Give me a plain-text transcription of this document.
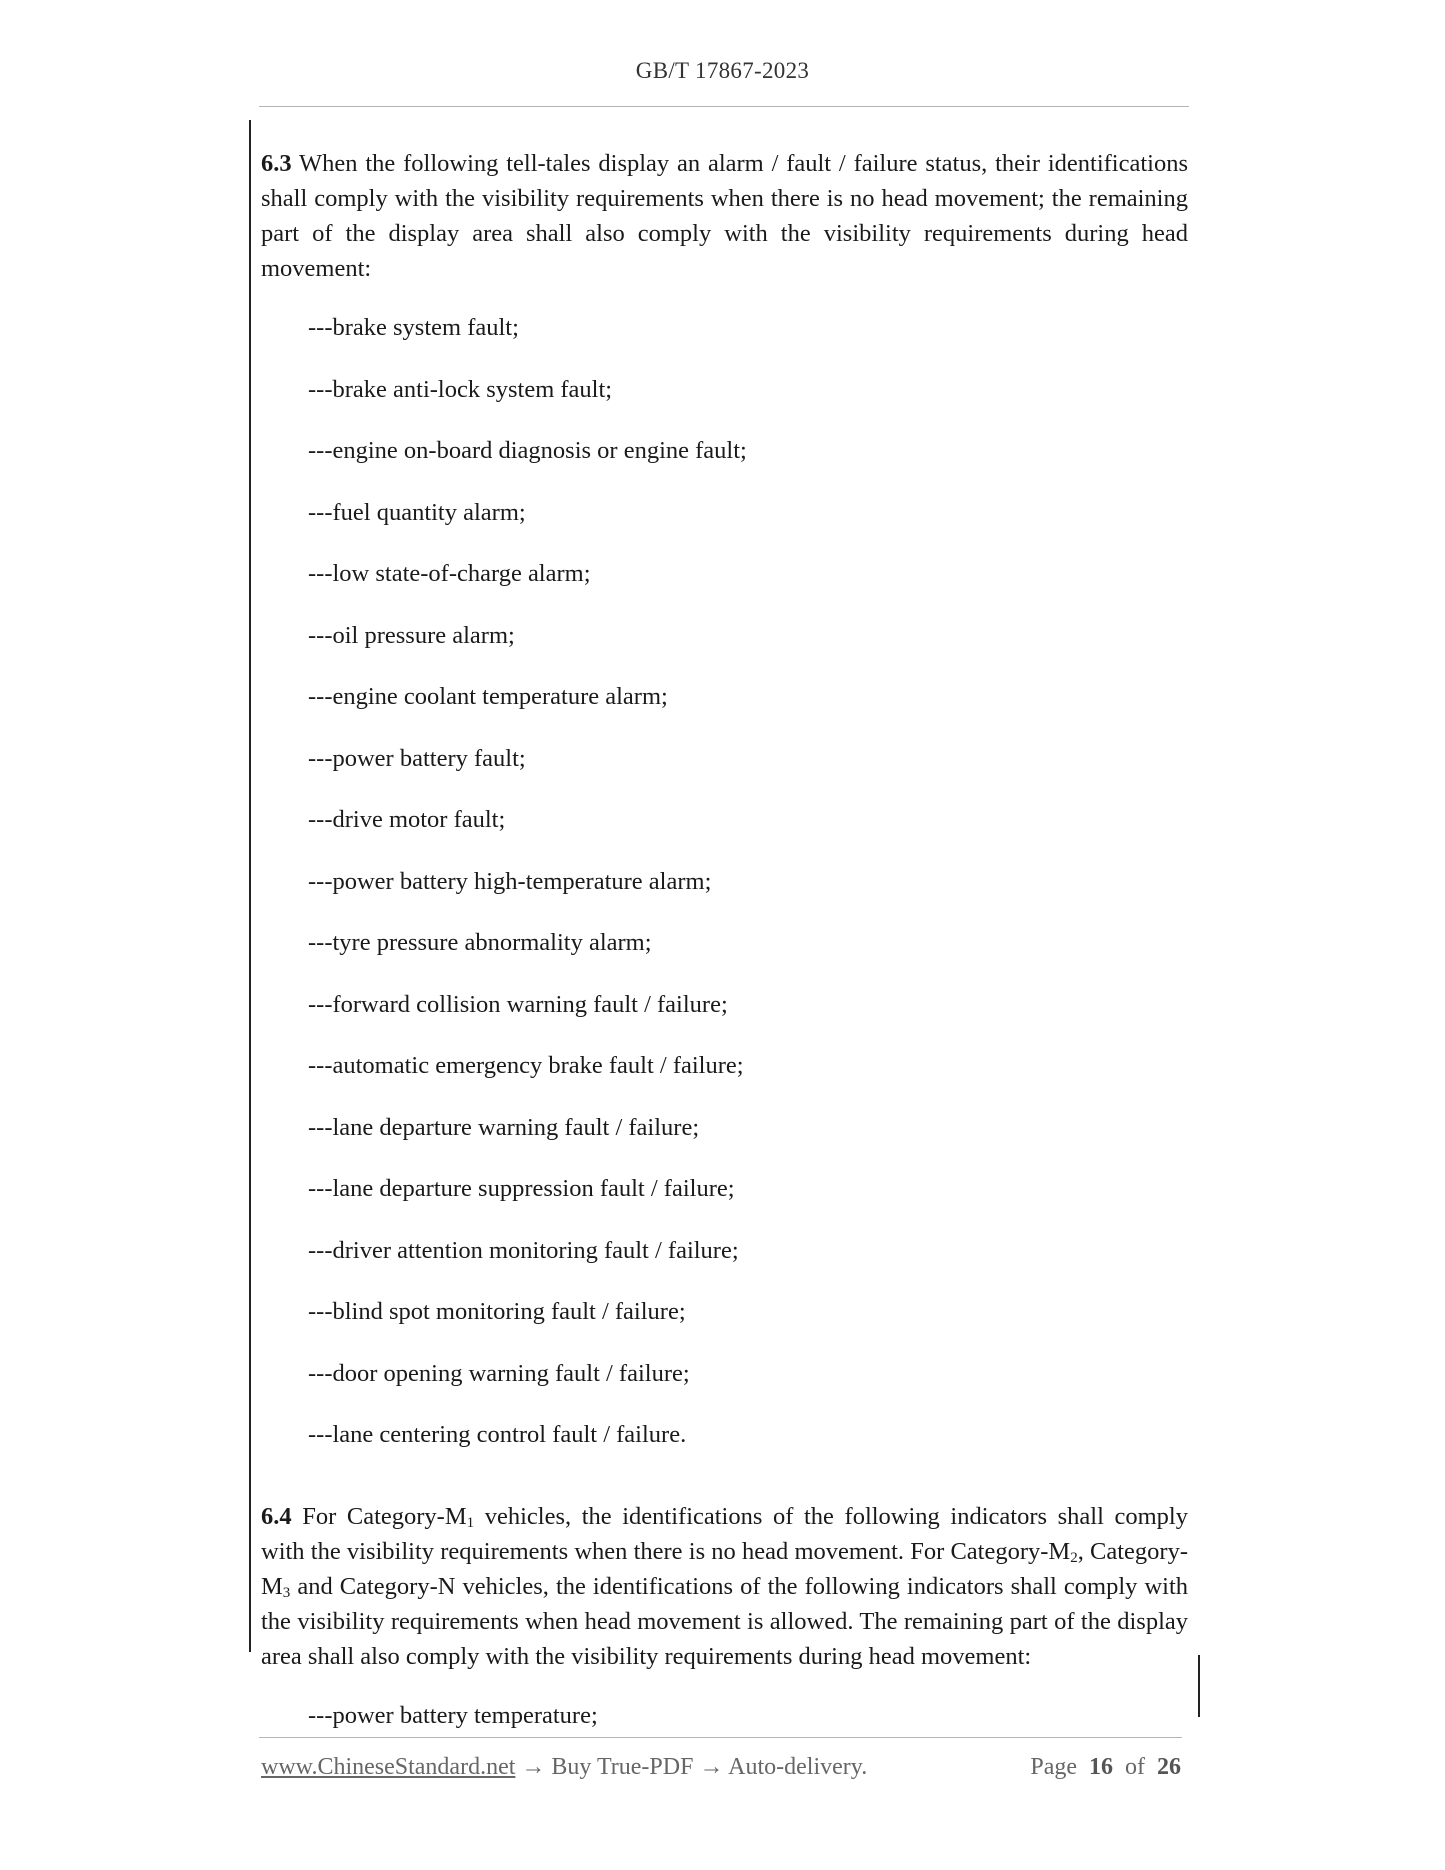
GB/T 17867-2023

6.3 When the following tell-tales display an alarm / fault / failure status, their identifications shall comply with the visibility requirements when there is no head movement; the remaining part of the display area shall also comply with the visibility requirements during head movement:

---brake system fault;
---brake anti-lock system fault;
---engine on-board diagnosis or engine fault;
---fuel quantity alarm;
---low state-of-charge alarm;
---oil pressure alarm;
---engine coolant temperature alarm;
---power battery fault;
---drive motor fault;
---power battery high-temperature alarm;
---tyre pressure abnormality alarm;
---forward collision warning fault / failure;
---automatic emergency brake fault / failure;
---lane departure warning fault / failure;
---lane departure suppression fault / failure;
---driver attention monitoring fault / failure;
---blind spot monitoring fault / failure;
---door opening warning fault / failure;
---lane centering control fault / failure.

6.4 For Category-$M_1$ vehicles, the identifications of the following indicators shall comply with the visibility requirements when there is no head movement. For Category-$M_2$, Category-$M_3$ and Category-N vehicles, the identifications of the following indicators shall comply with the visibility requirements when head movement is allowed. The remaining part of the display area shall also comply with the visibility requirements during head movement:

---power battery temperature;
www.ChineseStandard.net → Buy True-PDF → Auto-delivery.	Page 16 of 26
